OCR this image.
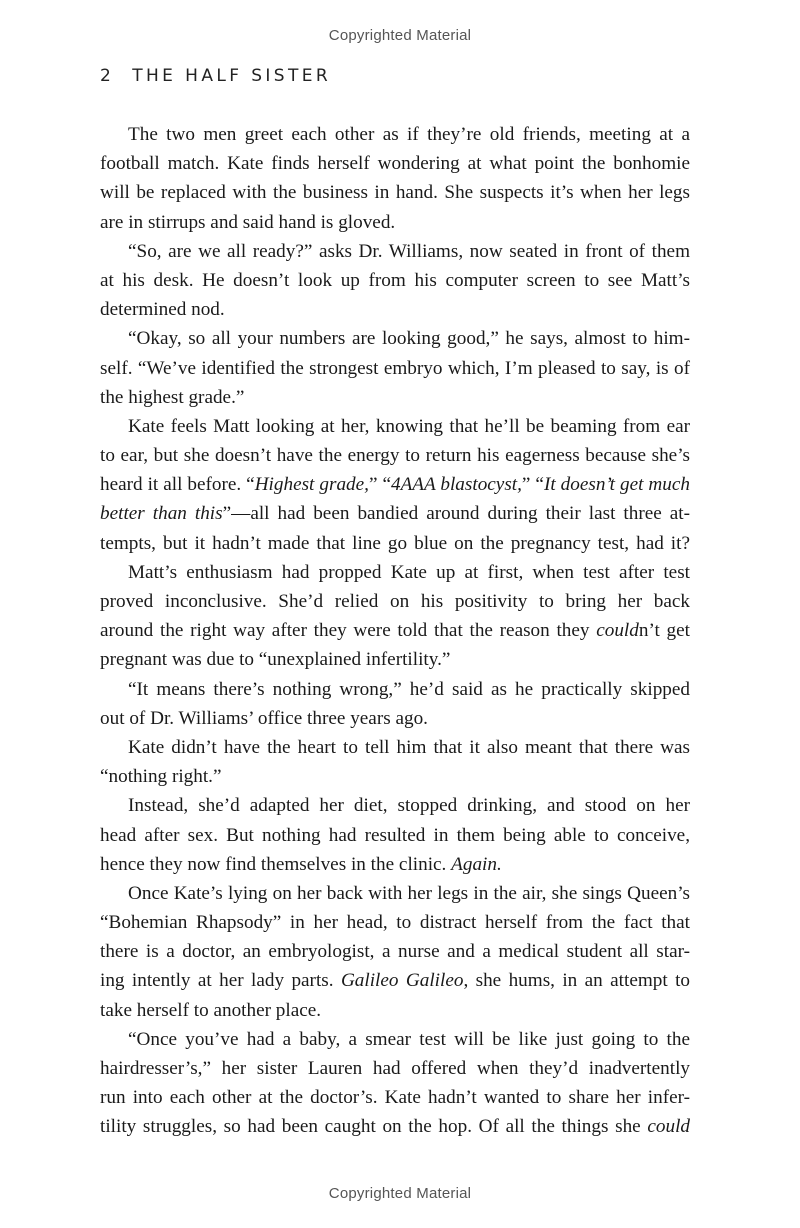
Copyrighted Material
2 THE HALF SISTER
The two men greet each other as if they’re old friends, meeting at a
football match. Kate finds herself wondering at what point the bonhomie
will be replaced with the business in hand. She suspects it’s when her legs
are in stirrups and said hand is gloved.
“So, are we all ready?” asks Dr. Williams, now seated in front of them
at his desk. He doesn’t look up from his computer screen to see Matt’s
determined nod.
“Okay, so all your numbers are looking good,” he says, almost to him-
self. “We’ve identified the strongest embryo which, I’m pleased to say, is of
the highest grade.”
Kate feels Matt looking at her, knowing that he’ll be beaming from ear
to ear, but she doesn’t have the energy to return his eagerness because she’s
heard it all before. “Highest grade,” “4AAA blastocyst,” “It doesn’t get much
better than this”—all had been bandied around during their last three at-
tempts, but it hadn’t made that line go blue on the pregnancy test, had it?
Matt’s enthusiasm had propped Kate up at first, when test after test
proved inconclusive. She’d relied on his positivity to bring her back
around the right way after they were told that the reason they couldn’t get
pregnant was due to “unexplained infertility.”
“It means there’s nothing wrong,” he’d said as he practically skipped
out of Dr. Williams’ office three years ago.
Kate didn’t have the heart to tell him that it also meant that there was
“nothing right.”
Instead, she’d adapted her diet, stopped drinking, and stood on her
head after sex. But nothing had resulted in them being able to conceive,
hence they now find themselves in the clinic. Again.
Once Kate’s lying on her back with her legs in the air, she sings Queen’s
“Bohemian Rhapsody” in her head, to distract herself from the fact that
there is a doctor, an embryologist, a nurse and a medical student all star-
ing intently at her lady parts. Galileo Galileo, she hums, in an attempt to
take herself to another place.
“Once you’ve had a baby, a smear test will be like just going to the
hairdresser’s,” her sister Lauren had offered when they’d inadvertently
run into each other at the doctor’s. Kate hadn’t wanted to share her infer-
tility struggles, so had been caught on the hop. Of all the things she could
Copyrighted Material
